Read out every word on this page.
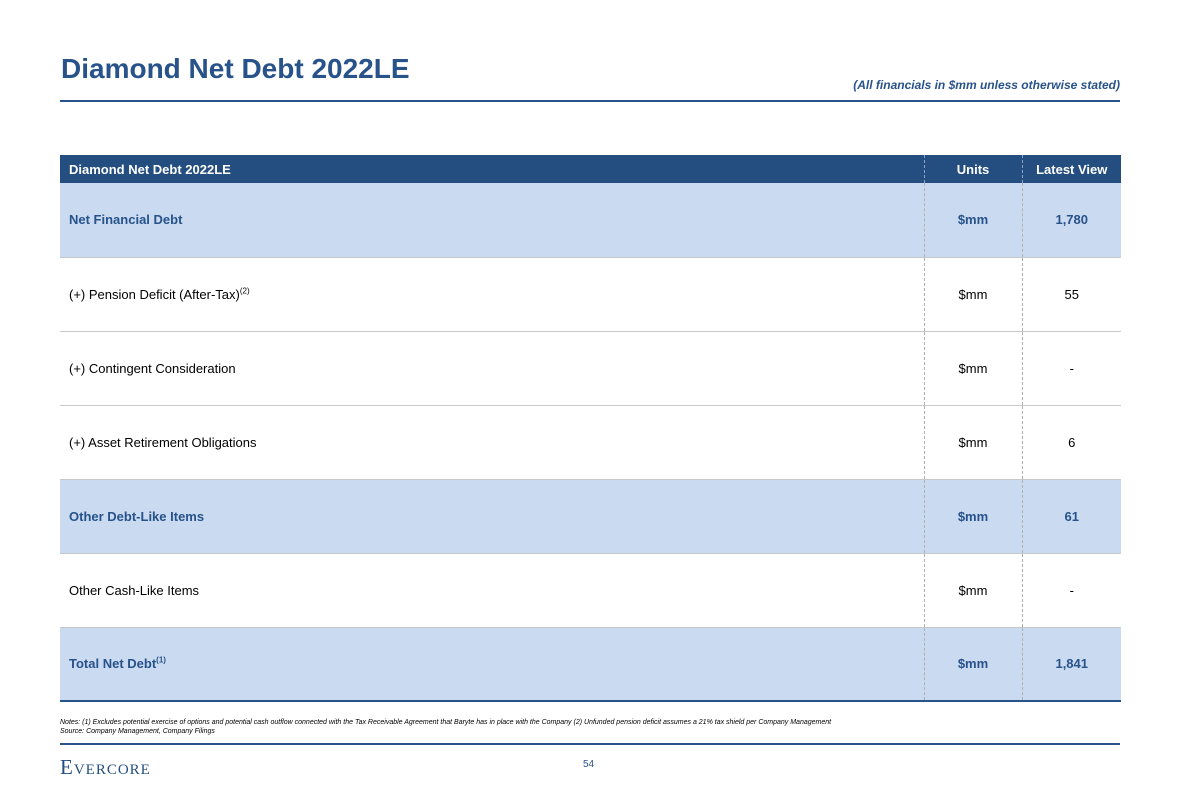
Diamond Net Debt 2022LE
(All financials in $mm unless otherwise stated)
Diamond Net Debt 2022LE	Units	Latest View
Net Financial Debt	$mm	1,780
(+) Pension Deficit (After-Tax)$^{(2)}$	$mm	55
(+) Contingent Consideration	$mm	-
(+) Asset Retirement Obligations	$mm	6
Other Debt-Like Items	$mm	61
Other Cash-Like Items	$mm	-
Total Net Debt$^{(1)}$	$mm	1,841
Notes: (1) Excludes potential exercise of options and potential cash outflow connected with the Tax Receivable Agreement that Baryte has in place with the Company (2) Unfunded pension deficit assumes a 21% tax shield per Company Management
Source: Company Management, Company Filings
Evercore	54
